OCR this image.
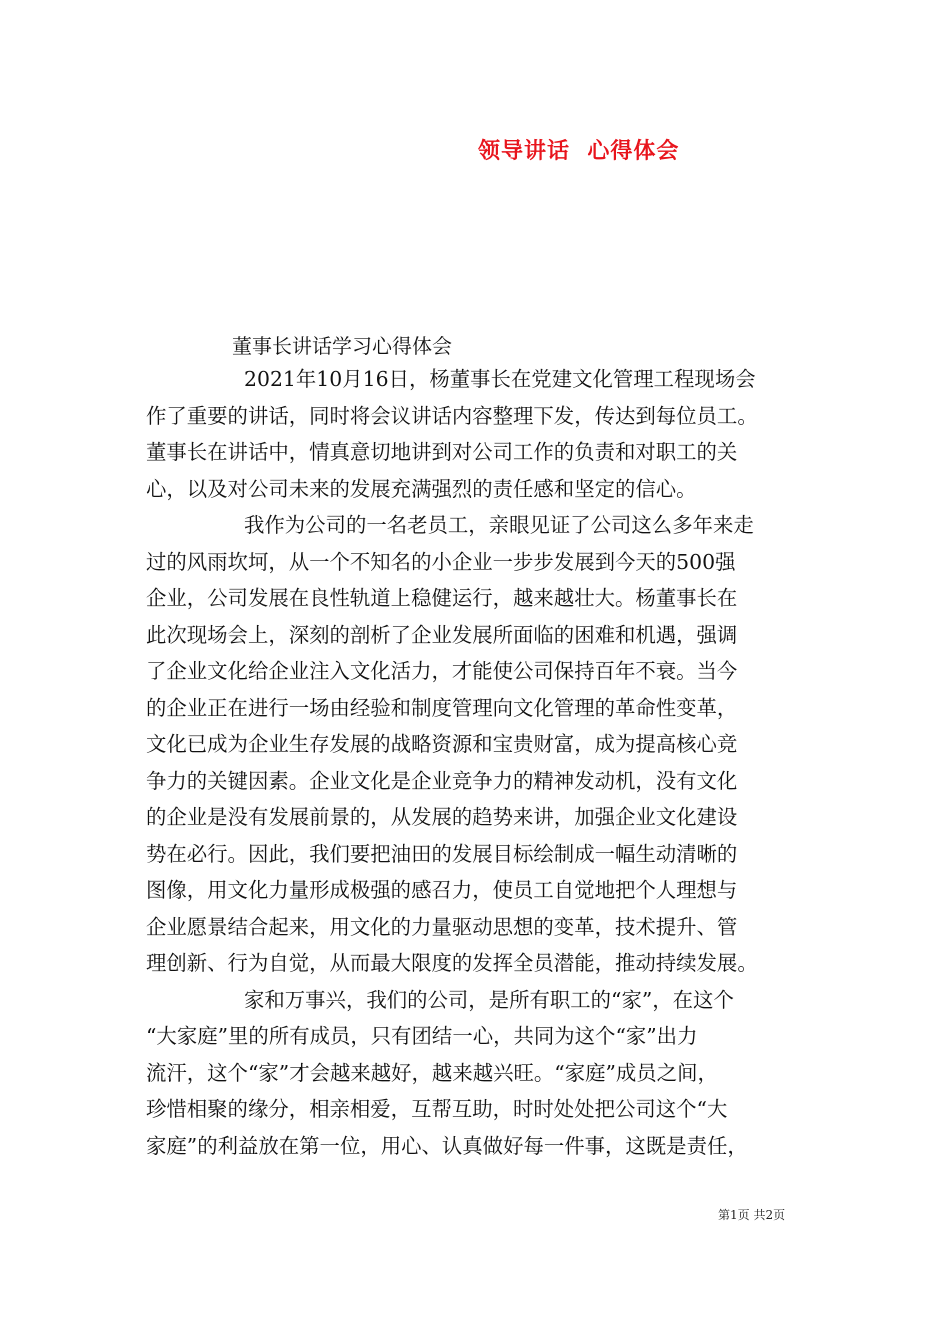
领导讲话  心得体会
董事长讲话学习心得体会
2021年10月16日，杨董事长在党建文化管理工程现场会
作了重要的讲话，同时将会议讲话内容整理下发，传达到每位员工。
董事长在讲话中，情真意切地讲到对公司工作的负责和对职工的关
心，以及对公司未来的发展充满强烈的责任感和坚定的信心。
我作为公司的一名老员工，亲眼见证了公司这么多年来走
过的风雨坎坷，从一个不知名的小企业一步步发展到今天的500强
企业，公司发展在良性轨道上稳健运行，越来越壮大。杨董事长在
此次现场会上，深刻的剖析了企业发展所面临的困难和机遇，强调
了企业文化给企业注入文化活力，才能使公司保持百年不衰。当今
的企业正在进行一场由经验和制度管理向文化管理的革命性变革，
文化已成为企业生存发展的战略资源和宝贵财富，成为提高核心竞
争力的关键因素。企业文化是企业竞争力的精神发动机，没有文化
的企业是没有发展前景的，从发展的趋势来讲，加强企业文化建设
势在必行。因此，我们要把油田的发展目标绘制成一幅生动清晰的
图像，用文化力量形成极强的感召力，使员工自觉地把个人理想与
企业愿景结合起来，用文化的力量驱动思想的变革，技术提升、管
理创新、行为自觉，从而最大限度的发挥全员潜能，推动持续发展。
家和万事兴，我们的公司，是所有职工的“家”，在这个
“大家庭”里的所有成员，只有团结一心，共同为这个“家”出力
流汗，这个“家”才会越来越好，越来越兴旺。“家庭”成员之间，
珍惜相聚的缘分，相亲相爱，互帮互助，时时处处把公司这个“大
家庭”的利益放在第一位，用心、认真做好每一件事，这既是责任，
第1页 共2页
